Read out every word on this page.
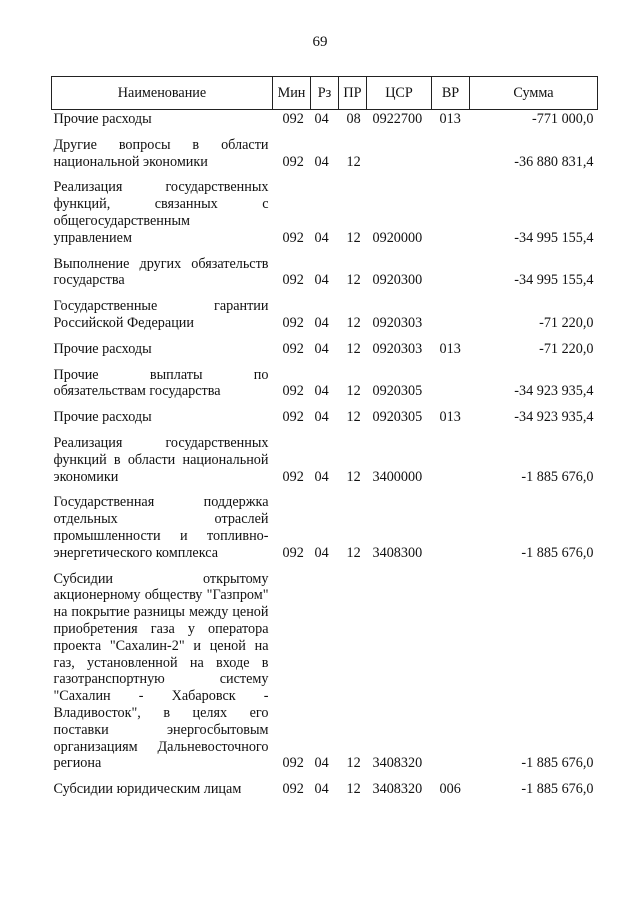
69
Наименование	Мин	Рз	ПР	ЦСР	ВР	Сумма
Прочие расходы	092	04	08	0922700	013	-771 000,0
Другие вопросы в области национальной экономики	092	04	12			-36 880 831,4
Реализация государственных функций, связанных с общегосударственным управлением	092	04	12	0920000		-34 995 155,4
Выполнение других обязательств государства	092	04	12	0920300		-34 995 155,4
Государственные гарантии Российской Федерации	092	04	12	0920303		-71 220,0
Прочие расходы	092	04	12	0920303	013	-71 220,0
Прочие выплаты по обязательствам государства	092	04	12	0920305		-34 923 935,4
Прочие расходы	092	04	12	0920305	013	-34 923 935,4
Реализация государственных функций в области национальной экономики	092	04	12	3400000		-1 885 676,0
Государственная поддержка отдельных отраслей промышленности и топливно-энергетического комплекса	092	04	12	3408300		-1 885 676,0
Субсидии открытому акционерному обществу "Газпром" на покрытие разницы между ценой приобретения газа у оператора проекта "Сахалин-2" и ценой на газ, установленной на входе в газотранспортную систему "Сахалин - Хабаровск - Владивосток", в целях его поставки энергосбытовым организациям Дальневосточного региона	092	04	12	3408320		-1 885 676,0
Субсидии юридическим лицам	092	04	12	3408320	006	-1 885 676,0
